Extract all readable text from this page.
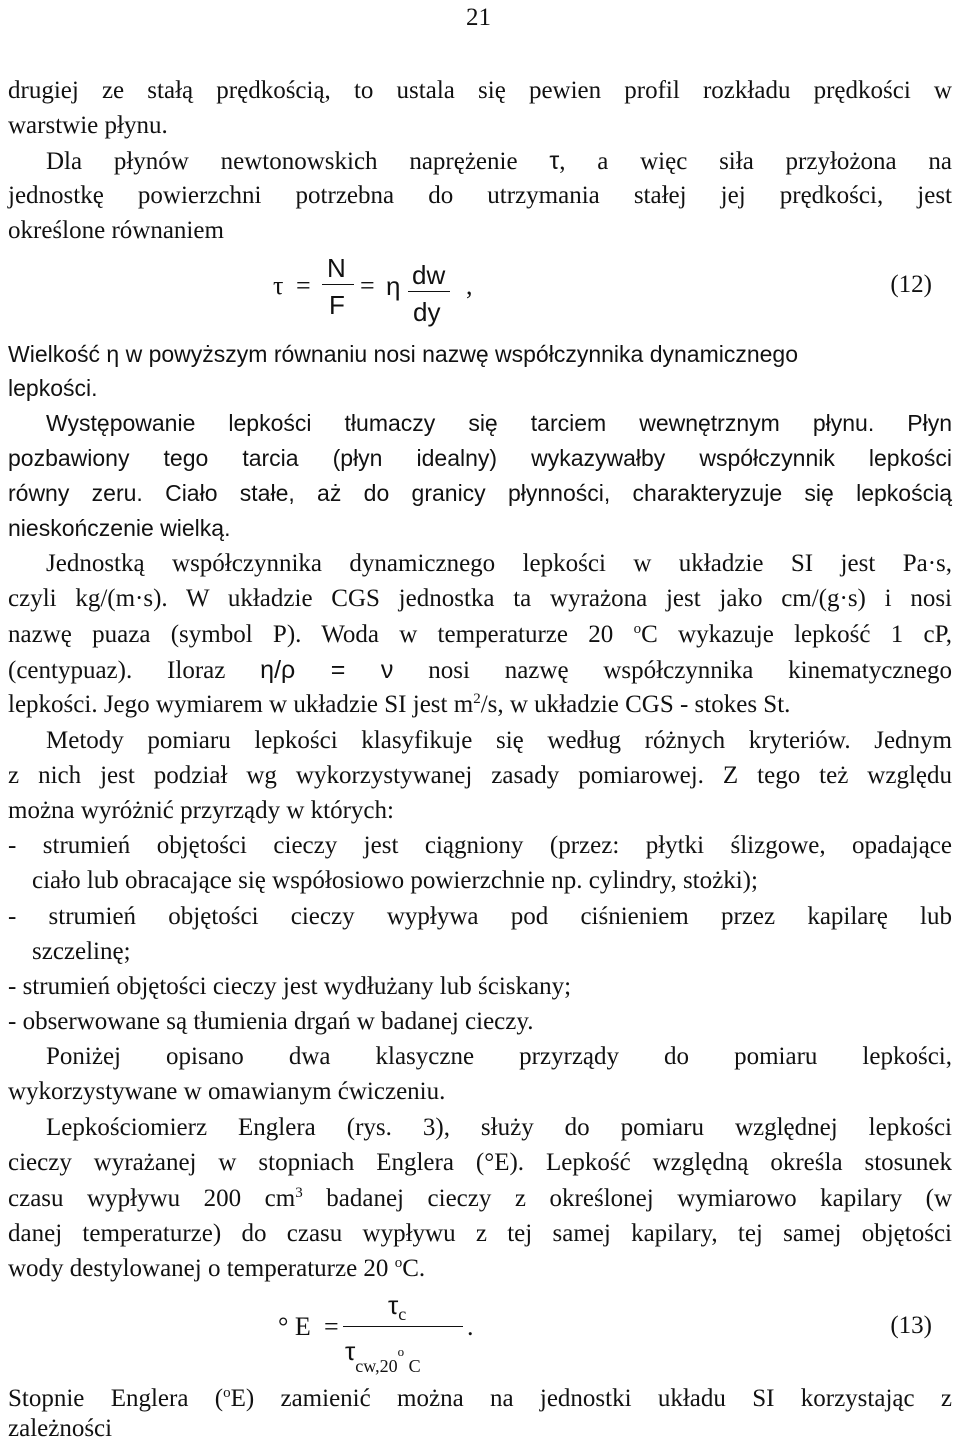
21
drugiej ze stałą prędkością, to ustala się pewien profil rozkładu prędkości w
warstwie płynu.
Dla płynów newtonowskich naprężenie τ, a więc siła przyłożona na
jednostkę powierzchni potrzebna do utrzymania stałej jej prędkości, jest
określone równaniem
τ =
N
F
= η dw
dy
,	(12)
Wielkość η w powyższym równaniu nosi nazwę współczynnika dynamicznego
lepkości.
Występowanie lepkości tłumaczy się tarciem wewnętrznym płynu. Płyn
pozbawiony tego tarcia (płyn idealny) wykazywałby współczynnik lepkości
równy zeru. Ciało stałe, aż do granicy płynności, charakteryzuje się lepkością
nieskończenie wielką.
Jednostką współczynnika dynamicznego lepkości w układzie SI jest Pa·s,
czyli kg/(m·s). W układzie CGS jednostka ta wyrażona jest jako cm/(g·s) i nosi
nazwę puaza (symbol P). Woda w temperaturze 20 $^o$C wykazuje lepkość 1 cP,
(centypuaz). Iloraz η/ρ = ν nosi nazwę współczynnika kinematycznego
lepkości. Jego wymiarem w układzie SI jest $m^2/s$, w układzie CGS - stokes St.
Metody pomiaru lepkości klasyfikuje się według różnych kryteriów. Jednym
z nich jest podział wg wykorzystywanej zasady pomiarowej. Z tego też względu
można wyróżnić przyrządy w których:
- strumień objętości cieczy jest ciągniony (przez: płytki ślizgowe, opadające
ciało lub obracające się współosiowo powierzchnie np. cylindry, stożki);
- strumień objętości cieczy wypływa pod ciśnieniem przez kapilarę lub
szczelinę;
- strumień objętości cieczy jest wydłużany lub ściskany;
- obserwowane są tłumienia drgań w badanej cieczy.
Poniżej opisano dwa klasyczne przyrządy do pomiaru lepkości,
wykorzystywane w omawianym ćwiczeniu.
Lepkościomierz Englera (rys. 3), służy do pomiaru względnej lepkości
cieczy wyrażanej w stopniach Englera (°E). Lepkość względną określa stosunek
czasu wypływu 200 $cm^3$ badanej cieczy z określonej wymiarowo kapilary (w
danej temperaturze) do czasu wypływu z tej samej kapilary, tej samej objętości
wody destylowanej o temperaturze 20 $^o$C.
° E =
$\tau_c$
$\tau_{cw,20^o C}$
.	(13)
Stopnie Englera ($^o$E) zamienić można na jednostki układu SI korzystając z
zależności
